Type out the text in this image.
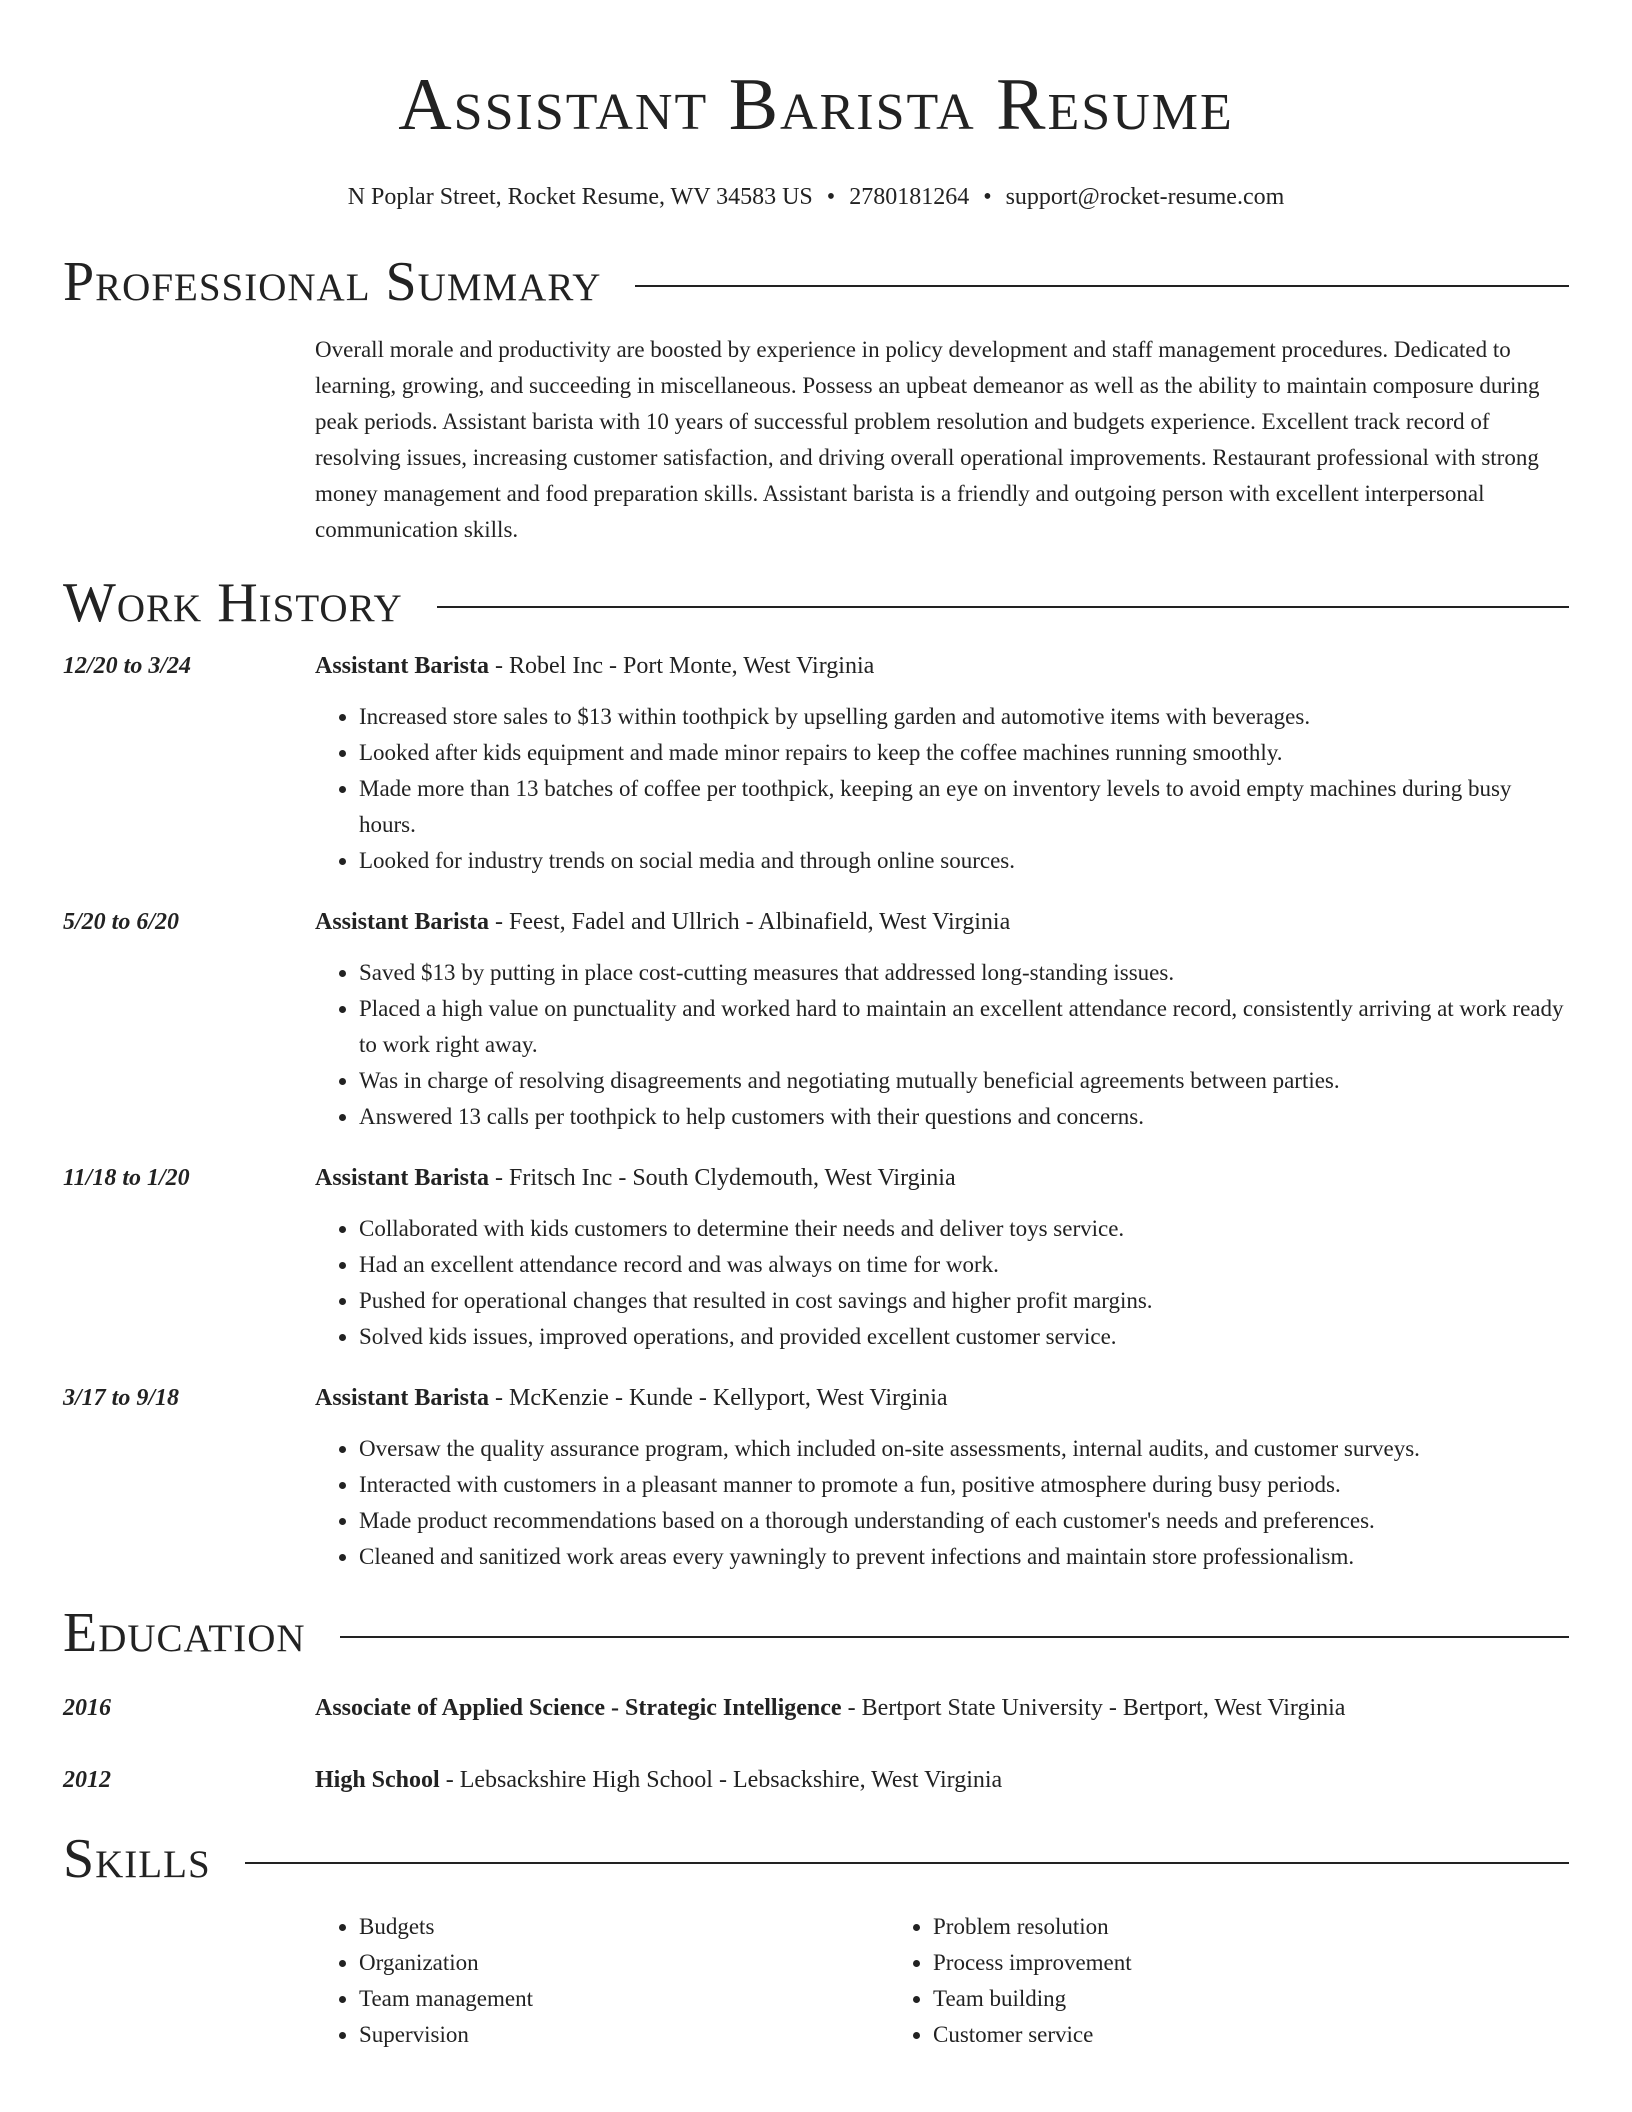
Assistant Barista Resume
N Poplar Street, Rocket Resume, WV 34583 US • 2780181264 • support@rocket-resume.com
Professional Summary

Overall morale and productivity are boosted by experience in policy development and staff management procedures. Dedicated to learning, growing, and succeeding in miscellaneous. Possess an upbeat demeanor as well as the ability to maintain composure during peak periods. Assistant barista with 10 years of successful problem resolution and budgets experience. Excellent track record of resolving issues, increasing customer satisfaction, and driving overall operational improvements. Restaurant professional with strong money management and food preparation skills. Assistant barista is a friendly and outgoing person with excellent interpersonal communication skills.

Work History
12/20 to 3/24	Assistant Barista - Robel Inc - Port Monte, West Virginia
• Increased store sales to $13 within toothpick by upselling garden and automotive items with beverages.
• Looked after kids equipment and made minor repairs to keep the coffee machines running smoothly.
• Made more than 13 batches of coffee per toothpick, keeping an eye on inventory levels to avoid empty machines during busy hours.
• Looked for industry trends on social media and through online sources.
5/20 to 6/20	Assistant Barista - Feest, Fadel and Ullrich - Albinafield, West Virginia
• Saved $13 by putting in place cost-cutting measures that addressed long-standing issues.
• Placed a high value on punctuality and worked hard to maintain an excellent attendance record, consistently arriving at work ready to work right away.
• Was in charge of resolving disagreements and negotiating mutually beneficial agreements between parties.
• Answered 13 calls per toothpick to help customers with their questions and concerns.
11/18 to 1/20	Assistant Barista - Fritsch Inc - South Clydemouth, West Virginia
• Collaborated with kids customers to determine their needs and deliver toys service.
• Had an excellent attendance record and was always on time for work.
• Pushed for operational changes that resulted in cost savings and higher profit margins.
• Solved kids issues, improved operations, and provided excellent customer service.
3/17 to 9/18	Assistant Barista - McKenzie - Kunde - Kellyport, West Virginia
• Oversaw the quality assurance program, which included on-site assessments, internal audits, and customer surveys.
• Interacted with customers in a pleasant manner to promote a fun, positive atmosphere during busy periods.
• Made product recommendations based on a thorough understanding of each customer's needs and preferences.
• Cleaned and sanitized work areas every yawningly to prevent infections and maintain store professionalism.
Education
2016	Associate of Applied Science - Strategic Intelligence - Bertport State University - Bertport, West Virginia
2012	High School - Lebsackshire High School - Lebsackshire, West Virginia
Skills
• Budgets
• Organization
• Team management
• Supervision
• Problem resolution
• Process improvement
• Team building
• Customer service
